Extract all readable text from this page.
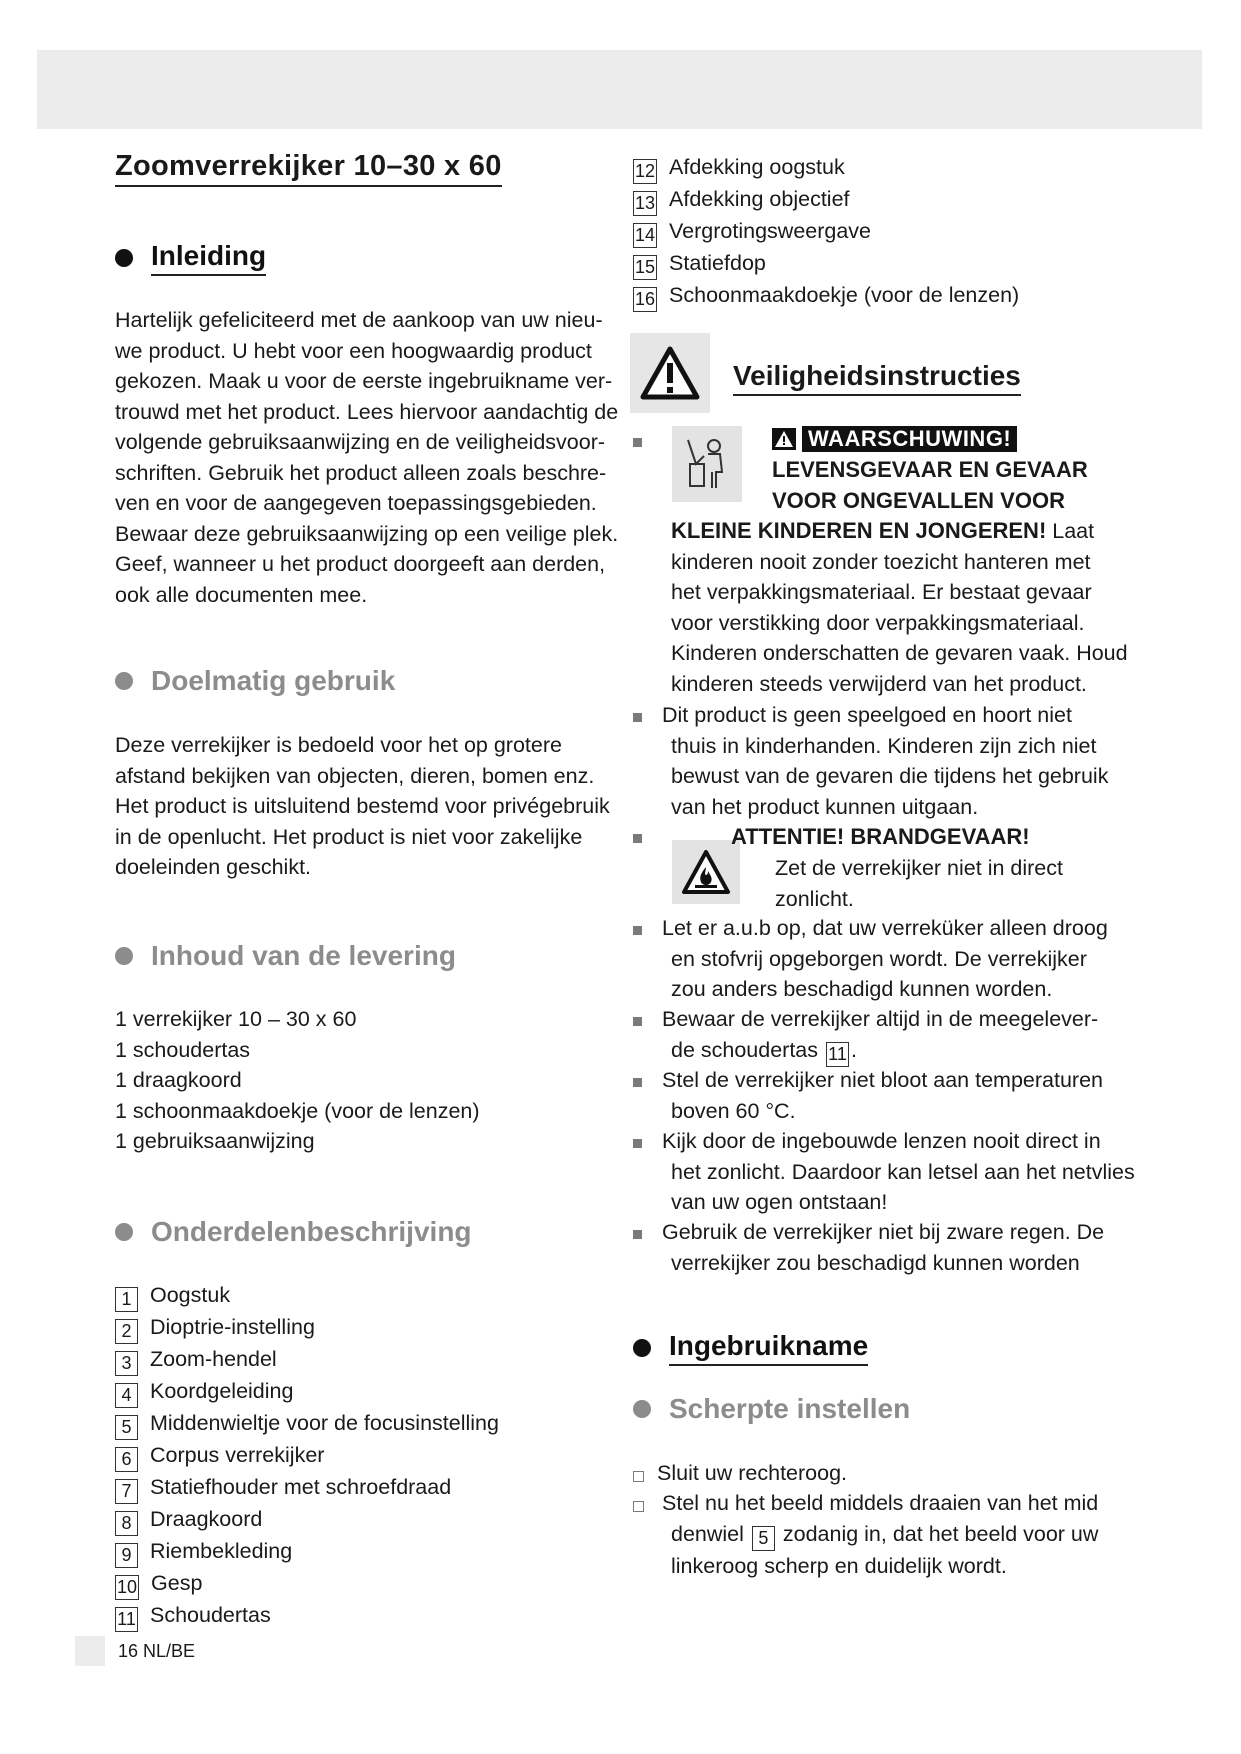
Zoomverrekijker 10–30 x 60
Inleiding
Hartelijk gefeliciteerd met de aankoop van uw nieu-
we product. U hebt voor een hoogwaardig product
gekozen. Maak u voor de eerste ingebruikname ver-
trouwd met het product. Lees hiervoor aandachtig de
volgende gebruiksaanwijzing en de veiligheidsvoor-
schriften. Gebruik het product alleen zoals beschre-
ven en voor de aangegeven toepassingsgebieden.
Bewaar deze gebruiksaanwijzing op een veilige plek.
Geef, wanneer u het product doorgeeft aan derden,
ook alle documenten mee.
Doelmatig gebruik
Deze verrekijker is bedoeld voor het op grotere
afstand bekijken van objecten, dieren, bomen enz.
Het product is uitsluitend bestemd voor privégebruik
in de openlucht. Het product is niet voor zakelijke
doeleinden geschikt.
Inhoud van de levering
1 verrekijker 10 – 30 x 60
1 schoudertas
1 draagkoord
1 schoonmaakdoekje (voor de lenzen)
1 gebruiksaanwijzing
Onderdelenbeschrijving
1 Oogstuk
2 Dioptrie-instelling
3 Zoom-hendel
4 Koordgeleiding
5 Middenwieltje voor de focusinstelling
6 Corpus verrekijker
7 Statiefhouder met schroefdraad
8 Draagkoord
9 Riembekleding
10 Gesp
11 Schoudertas
12 Afdekking oogstuk
13 Afdekking objectief
14 Vergrotingsweergave
15 Statiefdop
16 Schoonmaakdoekje (voor de lenzen)
Veiligheidsinstructies
WAARSCHUWING!
LEVENSGEVAAR EN GEVAAR
VOOR ONGEVALLEN VOOR
KLEINE KINDEREN EN JONGEREN! Laat
kinderen nooit zonder toezicht hanteren met
het verpakkingsmateriaal. Er bestaat gevaar
voor verstikking door verpakkingsmateriaal.
Kinderen onderschatten de gevaren vaak. Houd
kinderen steeds verwijderd van het product.
Dit product is geen speelgoed en hoort niet
thuis in kinderhanden. Kinderen zijn zich niet
bewust van de gevaren die tijdens het gebruik
van het product kunnen uitgaan.
ATTENTIE! BRANDGEVAAR!
Zet de verrekijker niet in direct
zonlicht.
Let er a.u.b op, dat uw verreküker alleen droog
en stofvrij opgeborgen wordt. De verrekijker
zou anders beschadigd kunnen worden.
Bewaar de verrekijker altijd in de meegelever-
de schoudertas 11 .
Stel de verrekijker niet bloot aan temperaturen
boven 60 °C.
Kijk door de ingebouwde lenzen nooit direct in
het zonlicht. Daardoor kan letsel aan het netvlies
van uw ogen ontstaan!
Gebruik de verrekijker niet bij zware regen. De
verrekijker zou beschadigd kunnen worden
Ingebruikname
Scherpte instellen
Sluit uw rechteroog.
Stel nu het beeld middels draaien van het mid
denwiel 5 zodanig in, dat het beeld voor uw
linkeroog scherp en duidelijk wordt.

16 NL/BE
